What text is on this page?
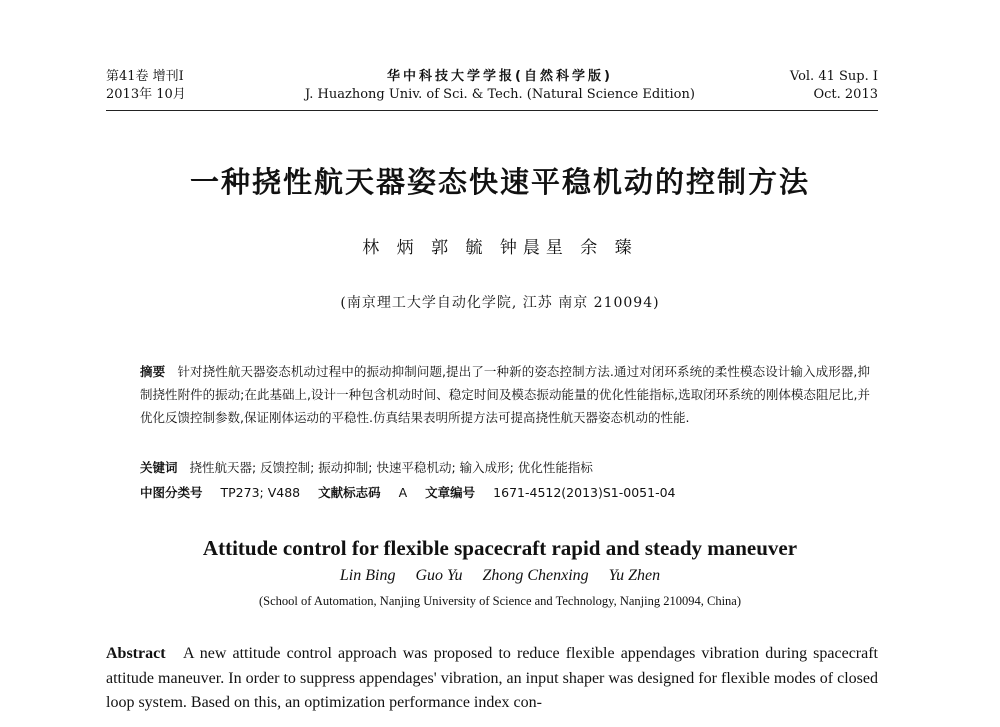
第41卷 增刊Ⅰ
2013年 10月
华中科技大学学报(自然科学版)
J. Huazhong Univ. of Sci. & Tech. (Natural Science Edition)
Vol. 41 Sup. Ⅰ
Oct. 2013
一种挠性航天器姿态快速平稳机动的控制方法
林 炳 郭 毓 钟晨星 余 臻
(南京理工大学自动化学院, 江苏 南京 210094)
摘要 针对挠性航天器姿态机动过程中的振动抑制问题,提出了一种新的姿态控制方法.通过对闭环系统的柔性模态设计输入成形器,抑制挠性附件的振动;在此基础上,设计一种包含机动时间、稳定时间及模态振动能量的优化性能指标,选取闭环系统的刚体模态阻尼比,并优化反馈控制参数,保证刚体运动的平稳性.仿真结果表明所提方法可提高挠性航天器姿态机动的性能.
关键词 挠性航天器; 反馈控制; 振动抑制; 快速平稳机动; 输入成形; 优化性能指标
中图分类号 TP273; V488 文献标志码 A 文章编号 1671-4512(2013)S1-0051-04
Attitude control for flexible spacecraft rapid and steady maneuver
Lin Bing Guo Yu Zhong Chenxing Yu Zhen
(School of Automation, Nanjing University of Science and Technology, Nanjing 210094, China)
Abstract A new attitude control approach was proposed to reduce flexible appendages vibration during spacecraft attitude maneuver. In order to suppress appendages' vibration, an input shaper was designed for flexible modes of closed loop system. Based on this, an optimization performance index con-
